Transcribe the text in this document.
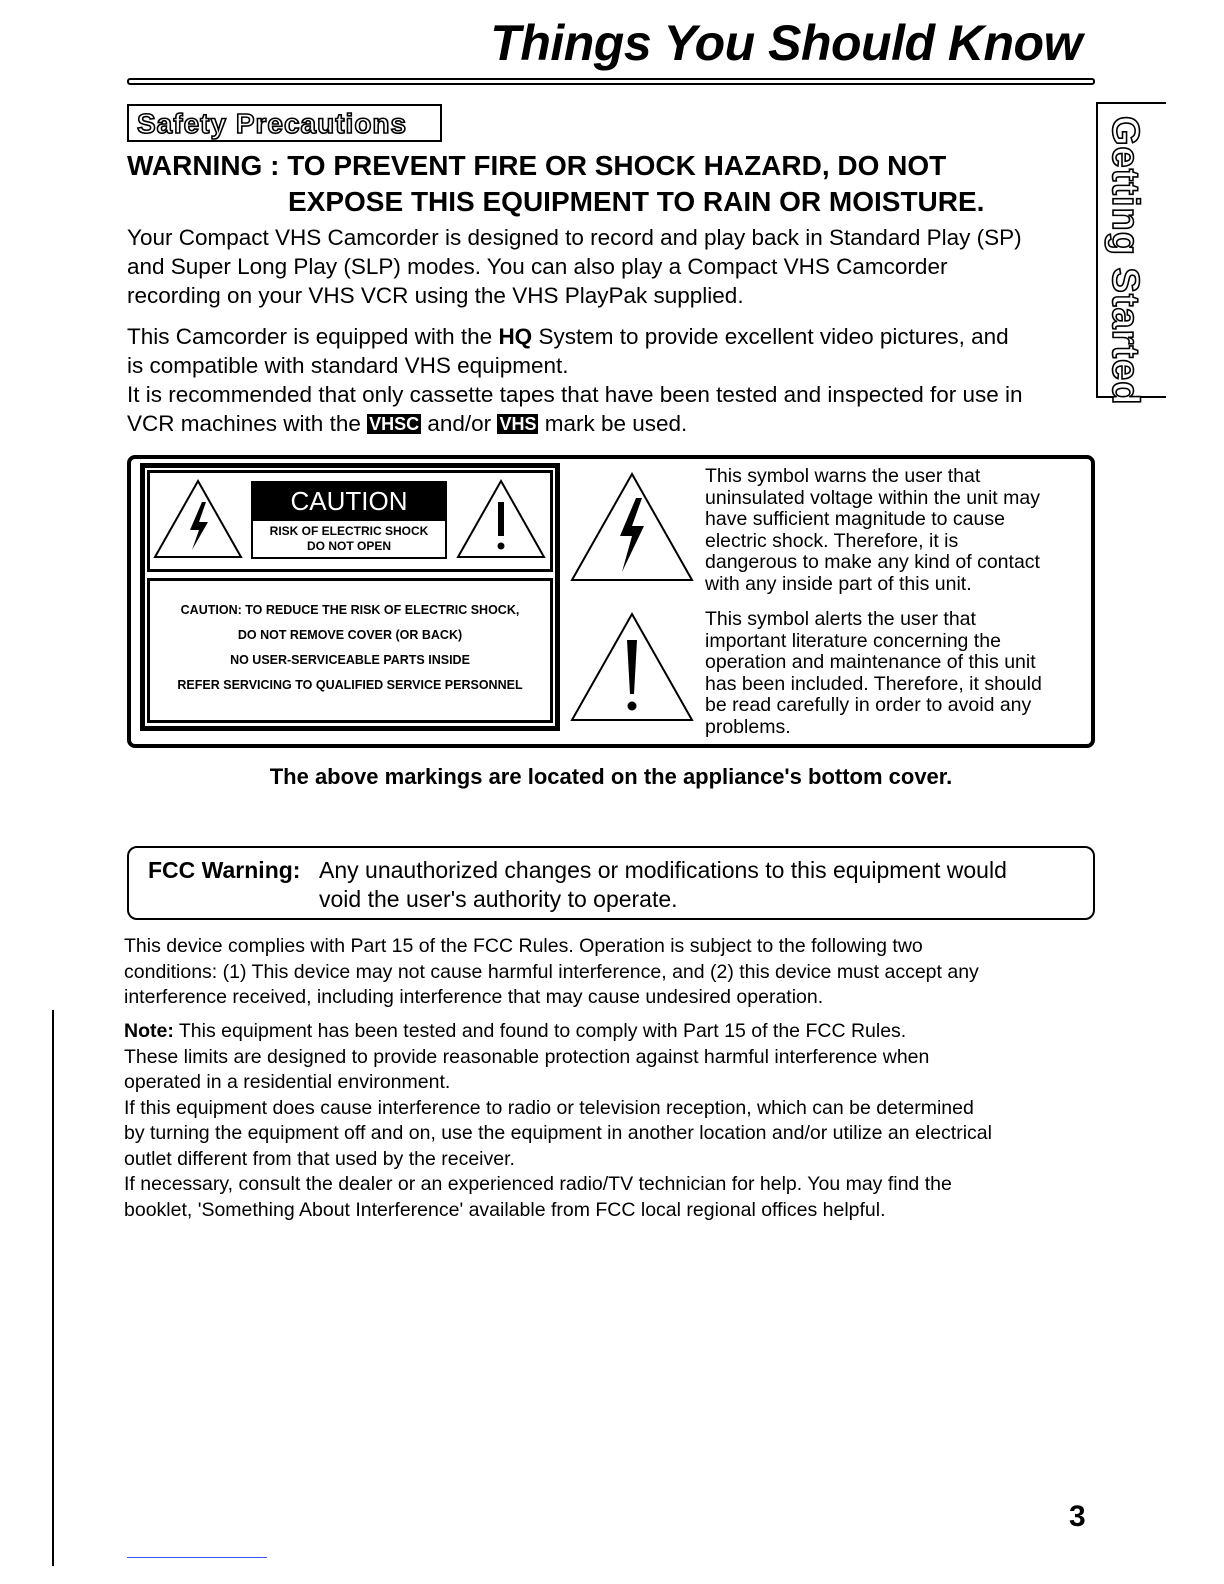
Things You Should Know
Safety Precautions	Getting Started
WARNING : TO PREVENT FIRE OR SHOCK HAZARD, DO NOT
EXPOSE THIS EQUIPMENT TO RAIN OR MOISTURE.
Your Compact VHS Camcorder is designed to record and play back in Standard Play (SP)
and Super Long Play (SLP) modes. You can also play a Compact VHS Camcorder
recording on your VHS VCR using the VHS PlayPak supplied.
This Camcorder is equipped with the HQ System to provide excellent video pictures, and
is compatible with standard VHS equipment.
It is recommended that only cassette tapes that have been tested and inspected for use in
VCR machines with the VHSC and/or VHS mark be used.
CAUTION
RISK OF ELECTRIC SHOCK
DO NOT OPEN
CAUTION: TO REDUCE THE RISK OF ELECTRIC SHOCK,
DO NOT REMOVE COVER (OR BACK)
NO USER-SERVICEABLE PARTS INSIDE
REFER SERVICING TO QUALIFIED SERVICE PERSONNEL
This symbol warns the user that
uninsulated voltage within the unit may
have sufficient magnitude to cause
electric shock. Therefore, it is
dangerous to make any kind of contact
with any inside part of this unit.
This symbol alerts the user that
important literature concerning the
operation and maintenance of this unit
has been included. Therefore, it should
be read carefully in order to avoid any
problems.
The above markings are located on the appliance's bottom cover.
FCC Warning: Any unauthorized changes or modifications to this equipment would
void the user's authority to operate.
This device complies with Part 15 of the FCC Rules. Operation is subject to the following two
conditions: (1) This device may not cause harmful interference, and (2) this device must accept any
interference received, including interference that may cause undesired operation.
Note: This equipment has been tested and found to comply with Part 15 of the FCC Rules.
These limits are designed to provide reasonable protection against harmful interference when
operated in a residential environment.
If this equipment does cause interference to radio or television reception, which can be determined
by turning the equipment off and on, use the equipment in another location and/or utilize an electrical
outlet different from that used by the receiver.
If necessary, consult the dealer or an experienced radio/TV technician for help. You may find the
booklet, 'Something About Interference' available from FCC local regional offices helpful.
3
